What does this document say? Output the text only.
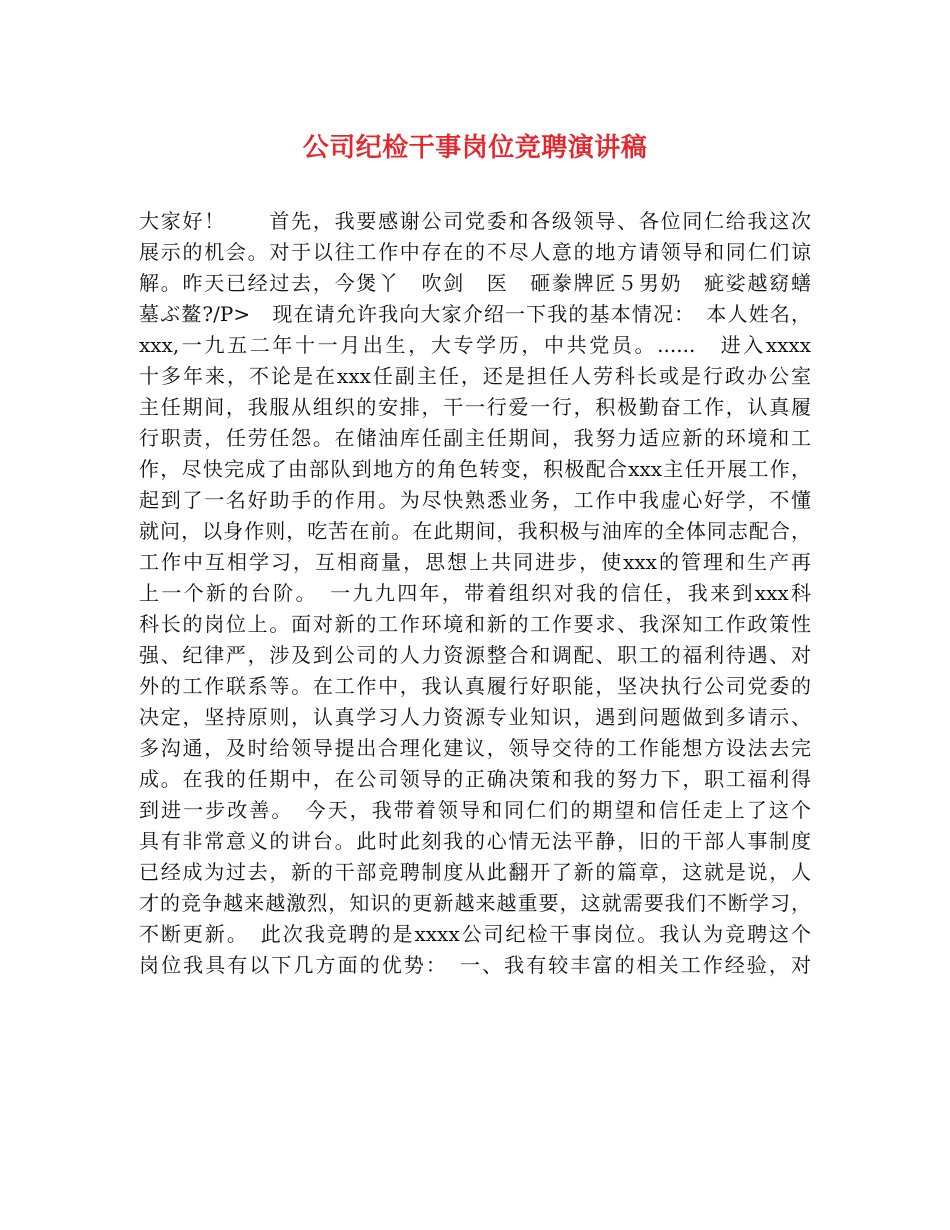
公司纪检干事岗位竞聘演讲稿
大家好！　　首先，我要感谢公司党委和各级领导、各位同仁给我这次
展示的机会。对于以往工作中存在的不尽人意的地方请领导和同仁们谅
解。昨天已经过去，今煲丫　吹剑　医　砸豢牌匠５男奶　疵娑越窈蟮
墓ぶ鳌?/P>　现在请允许我向大家介绍一下我的基本情况：　本人姓名，
xxx,一九五二年十一月出生，大专学历，中共党员。......　进入xxxx
十多年来，不论是在xxx任副主任，还是担任人劳科长或是行政办公室
主任期间，我服从组织的安排，干一行爱一行，积极勤奋工作，认真履
行职责，任劳任怨。在储油库任副主任期间，我努力适应新的环境和工
作，尽快完成了由部队到地方的角色转变，积极配合xxx主任开展工作，
起到了一名好助手的作用。为尽快熟悉业务，工作中我虚心好学，不懂
就问，以身作则，吃苦在前。在此期间，我积极与油库的全体同志配合，
工作中互相学习，互相商量，思想上共同进步，使xxx的管理和生产再
上一个新的台阶。　一九九四年，带着组织对我的信任，我来到xxx科
科长的岗位上。面对新的工作环境和新的工作要求、我深知工作政策性
强、纪律严，涉及到公司的人力资源整合和调配、职工的福利待遇、对
外的工作联系等。在工作中，我认真履行好职能，坚决执行公司党委的
决定，坚持原则，认真学习人力资源专业知识，遇到问题做到多请示、
多沟通，及时给领导提出合理化建议，领导交待的工作能想方设法去完
成。在我的任期中，在公司领导的正确决策和我的努力下，职工福利得
到进一步改善。　今天，我带着领导和同仁们的期望和信任走上了这个
具有非常意义的讲台。此时此刻我的心情无法平静，旧的干部人事制度
已经成为过去，新的干部竞聘制度从此翻开了新的篇章，这就是说，人
才的竞争越来越激烈，知识的更新越来越重要，这就需要我们不断学习，
不断更新。　此次我竞聘的是xxxx公司纪检干事岗位。我认为竞聘这个
岗位我具有以下几方面的优势：　一、我有较丰富的相关工作经验，对
